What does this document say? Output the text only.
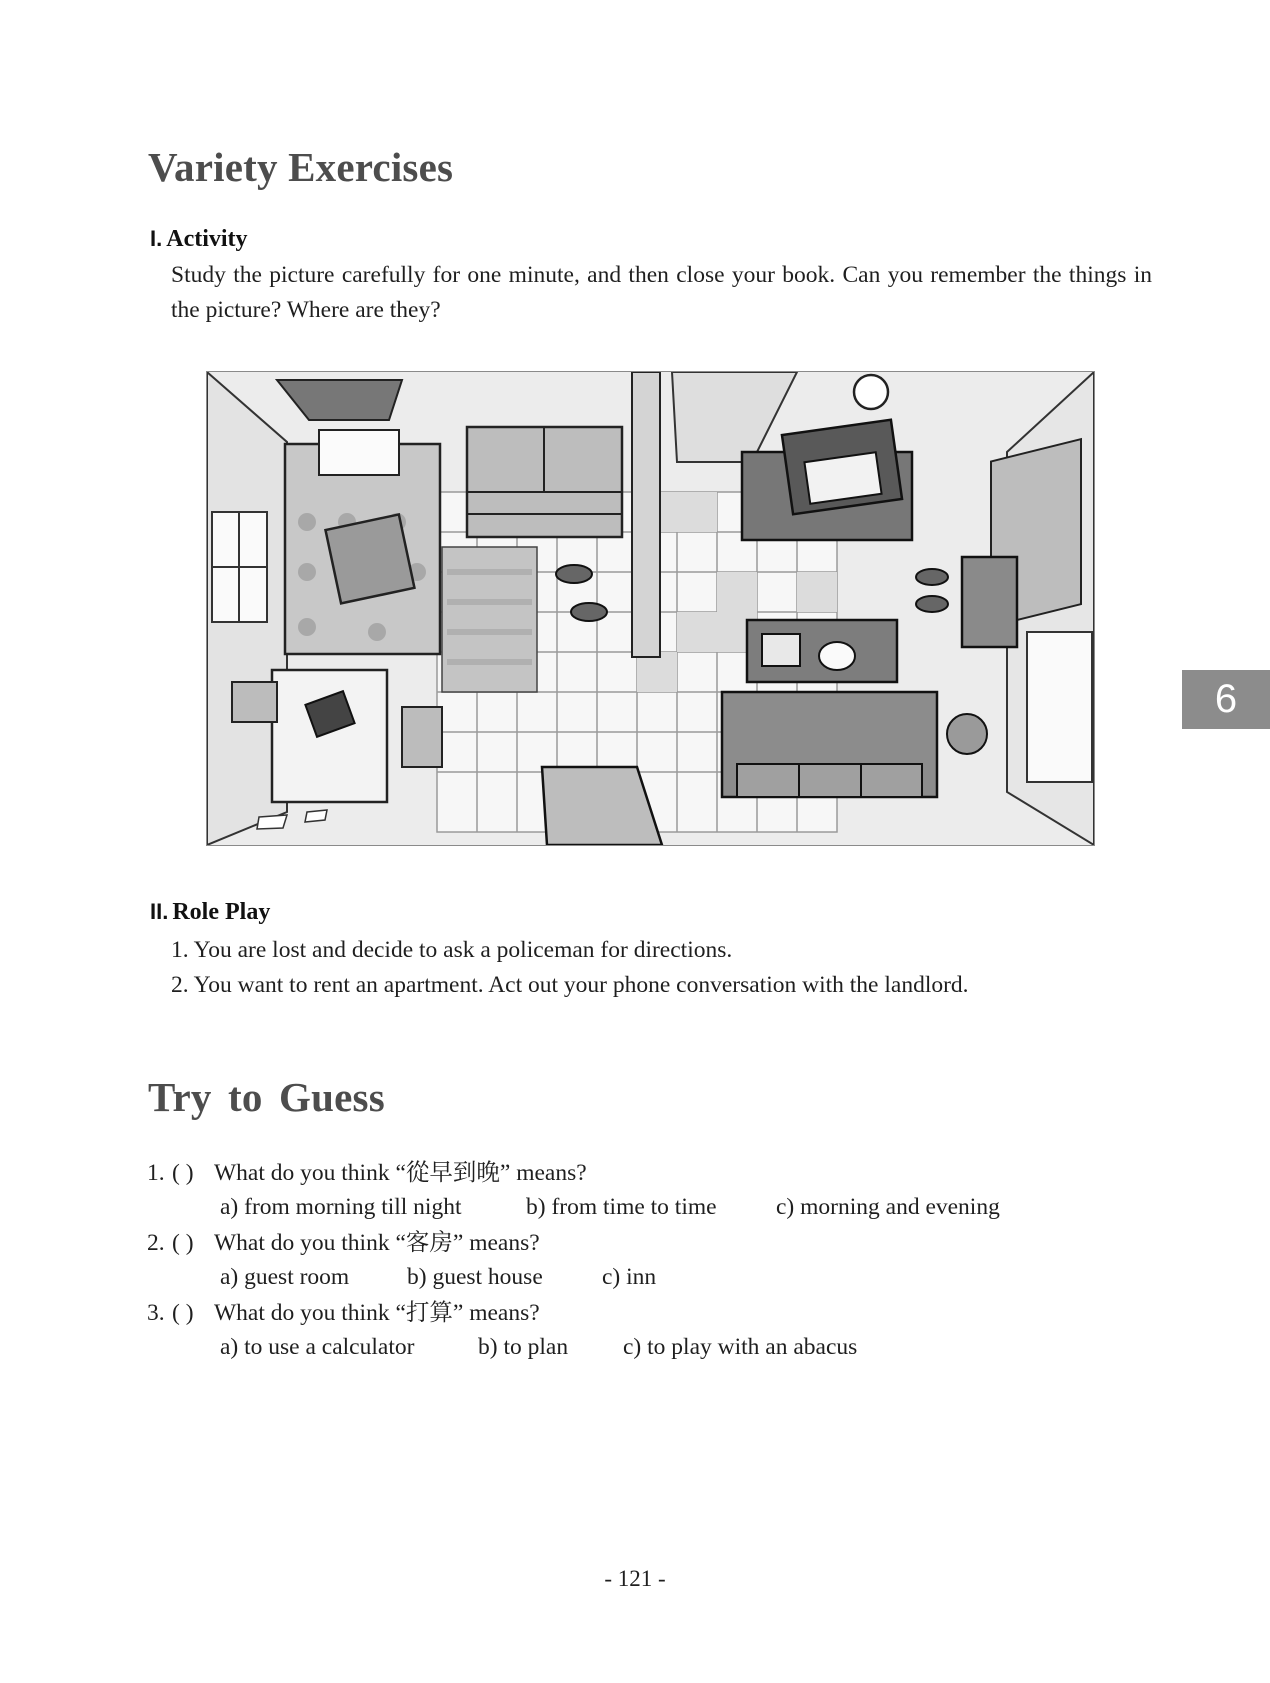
Variety Exercises
I. Activity
Study the picture carefully for one minute, and then close your book. Can you remember the things in the picture? Where are they?
II. Role Play
1. You are lost and decide to ask a policeman for directions.
2. You want to rent an apartment. Act out your phone conversation with the landlord.
Try to Guess
1. ( ) What do you think “從早到晚” means?
a) from morning till night	b) from time to time	c) morning and evening
2. ( ) What do you think “客房” means?
a) guest room b) guest house	c) inn
3. ( ) What do you think “打算” means?
a) to use a calculator	b) to plan c) to play with an abacus
6
- 121 -
